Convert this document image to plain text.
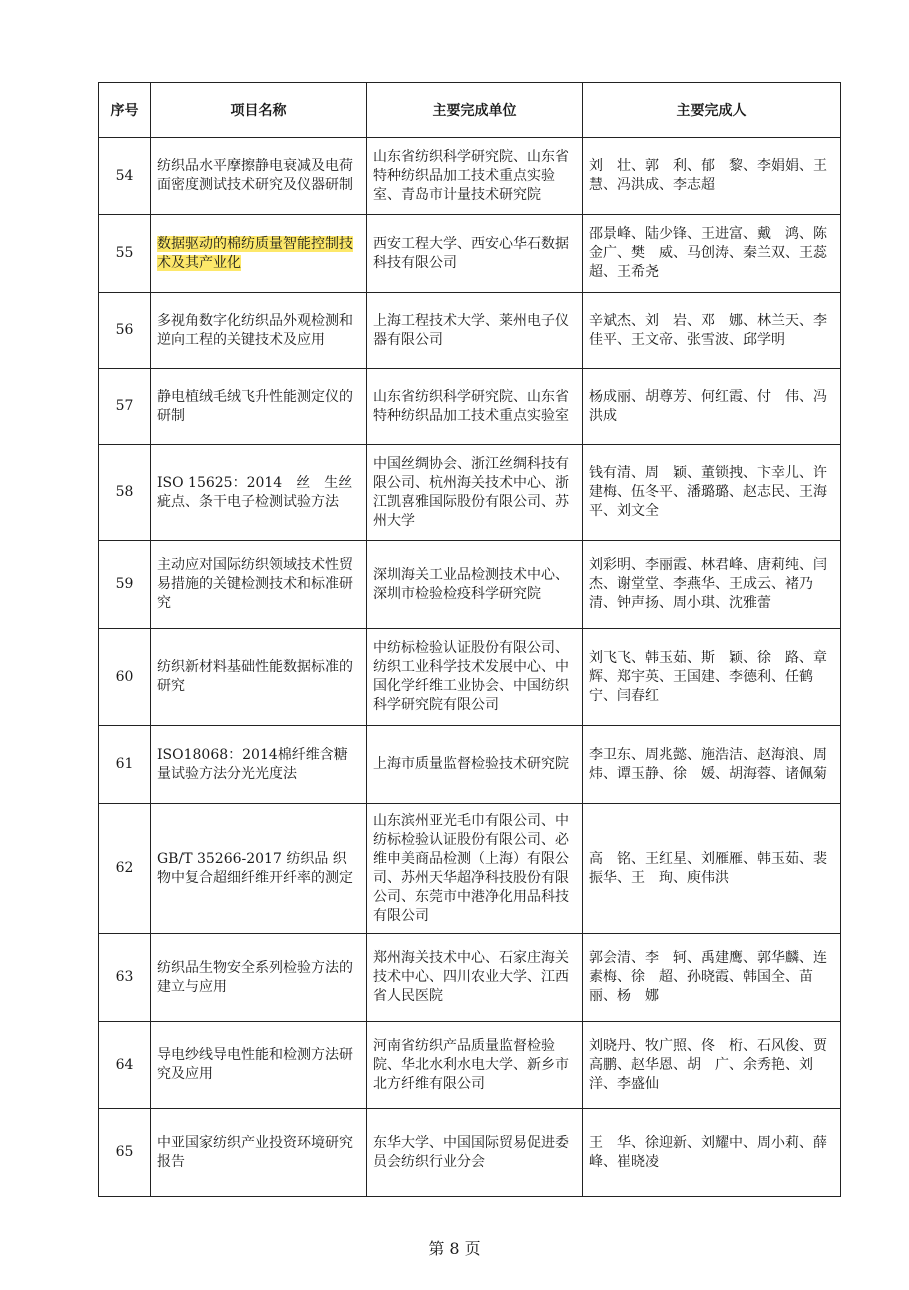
序号	项目名称	主要完成单位	主要完成人
54	纺织品水平摩擦静电衰减及电荷面密度测试技术研究及仪器研制	山东省纺织科学研究院、山东省特种纺织品加工技术重点实验室、青岛市计量技术研究院	刘　壮、郭　利、郁　黎、李娟娟、王　慧、冯洪成、李志超
55	数据驱动的棉纺质量智能控制技术及其产业化	西安工程大学、西安心华石数据科技有限公司	邵景峰、陆少锋、王进富、戴　鸿、陈金广、樊　威、马创涛、秦兰双、王蕊超、王希尧
56	多视角数字化纺织品外观检测和逆向工程的关键技术及应用	上海工程技术大学、莱州电子仪器有限公司	辛斌杰、刘　岩、邓　娜、林兰天、李佳平、王文帝、张雪波、邱学明
57	静电植绒毛绒飞升性能测定仪的研制	山东省纺织科学研究院、山东省特种纺织品加工技术重点实验室	杨成丽、胡尊芳、何红霞、付　伟、冯洪成
58	ISO 15625：2014　丝　生丝疵点、条干电子检测试验方法	中国丝绸协会、浙江丝绸科技有限公司、杭州海关技术中心、浙江凯喜雅国际股份有限公司、苏州大学	钱有清、周　颖、董锁拽、卞幸儿、许建梅、伍冬平、潘璐璐、赵志民、王海平、刘文全
59	主动应对国际纺织领域技术性贸易措施的关键检测技术和标准研究	深圳海关工业品检测技术中心、深圳市检验检疫科学研究院	刘彩明、李丽霞、林君峰、唐莉纯、闫　杰、谢堂堂、李燕华、王成云、褚乃清、钟声扬、周小琪、沈雅蕾
60	纺织新材料基础性能数据标准的研究	中纺标检验认证股份有限公司、纺织工业科学技术发展中心、中国化学纤维工业协会、中国纺织科学研究院有限公司	刘飞飞、韩玉茹、斯　颖、徐　路、章　辉、郑宇英、王国建、李德利、任鹤宁、闫春红
61	ISO18068：2014棉纤维含糖量试验方法分光光度法	上海市质量监督检验技术研究院	李卫东、周兆懿、施浩洁、赵海浪、周　炜、谭玉静、徐　媛、胡海蓉、诸佩菊
62	GB/T 35266-2017 纺织品 织物中复合超细纤维开纤率的测定	山东滨州亚光毛巾有限公司、中纺标检验认证股份有限公司、必维申美商品检测（上海）有限公司、苏州天华超净科技股份有限公司、东莞市中港净化用品科技有限公司	高　铭、王红星、刘雁雁、韩玉茹、裴振华、王　珣、庾伟洪
63	纺织品生物安全系列检验方法的建立与应用	郑州海关技术中心、石家庄海关技术中心、四川农业大学、江西省人民医院	郭会清、李　轲、禹建鹰、郭华麟、连素梅、徐　超、孙晓霞、韩国全、苗　丽、杨　娜
64	导电纱线导电性能和检测方法研究及应用	河南省纺织产品质量监督检验院、华北水利水电大学、新乡市北方纤维有限公司	刘晓丹、牧广照、佟　桁、石风俊、贾高鹏、赵华恩、胡　广、余秀艳、刘　洋、李盛仙
65	中亚国家纺织产业投资环境研究报告	东华大学、中国国际贸易促进委员会纺织行业分会	王　华、徐迎新、刘耀中、周小莉、薛　峰、崔晓凌
第 8 页
